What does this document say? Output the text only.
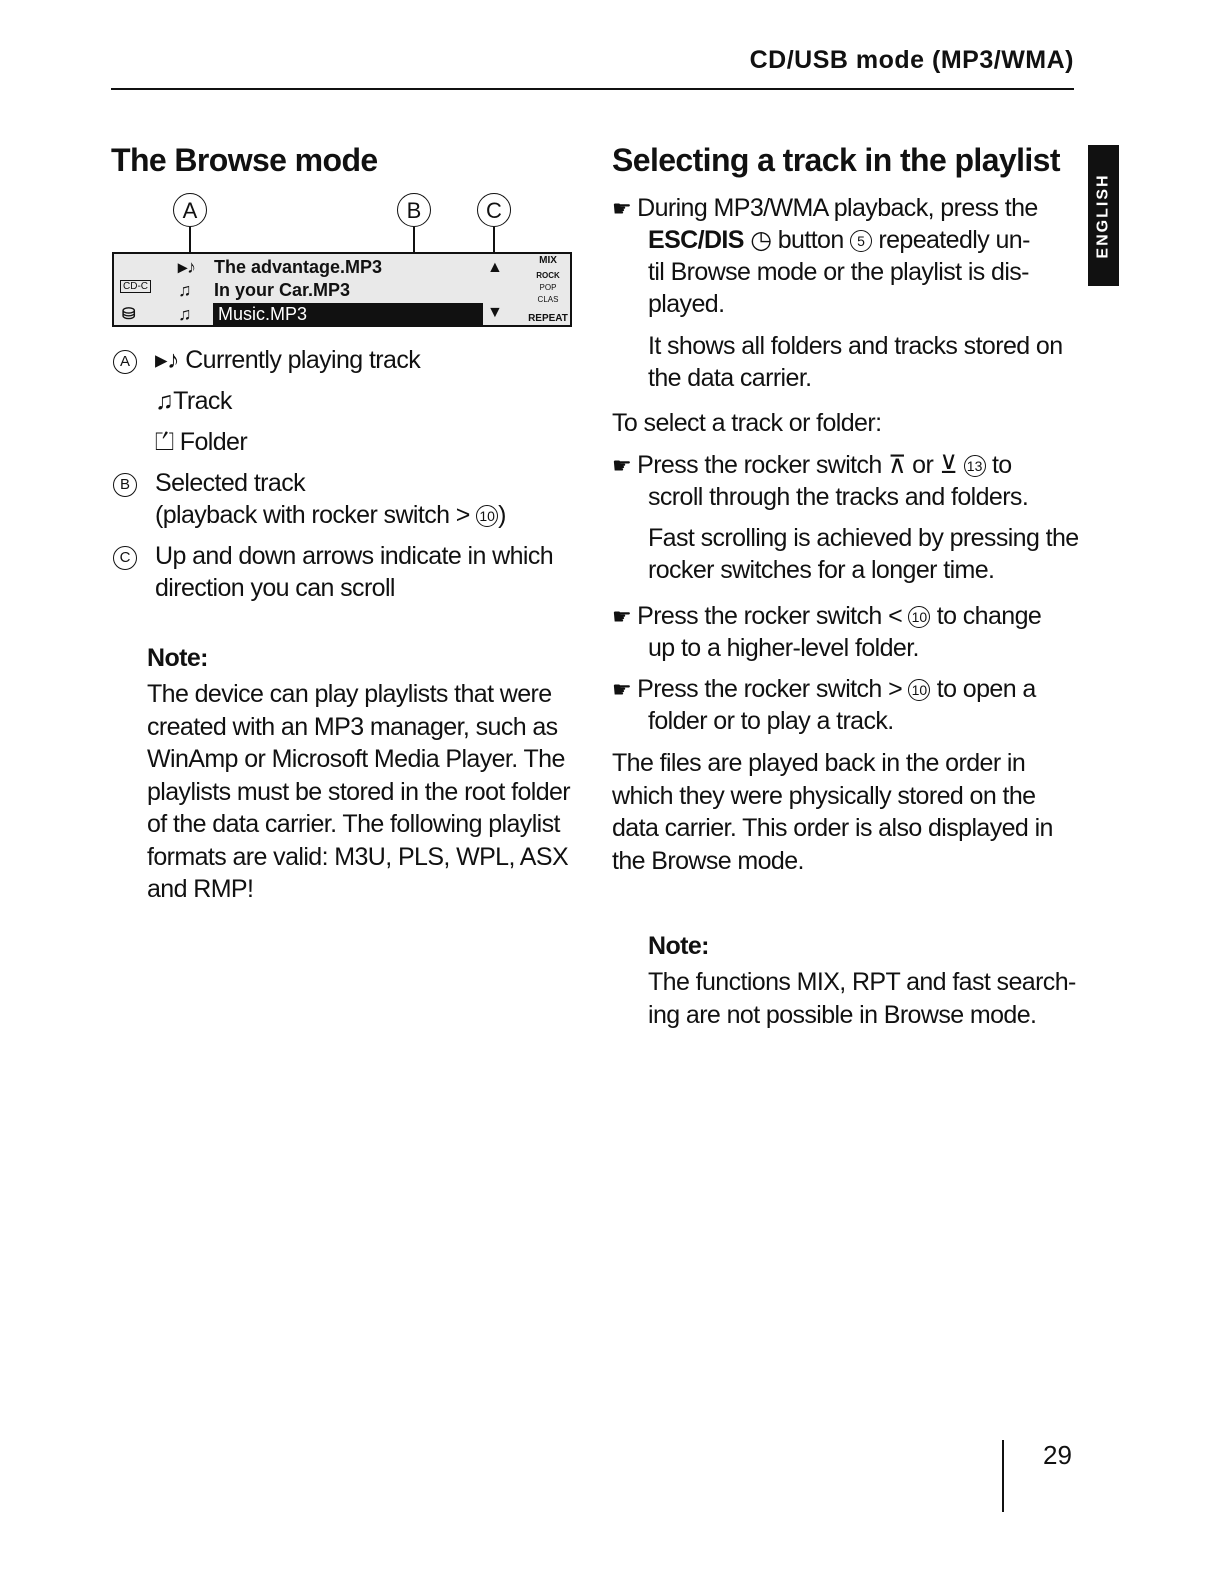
CD/USB mode (MP3/WMA)
ENGLISH
The Browse mode
A	B	C
CD-C
⛁
▸♪
♫
♫
The advantage.MP3
In your Car.MP3
Music.MP3
▲
▼
MIX
ROCK
POP
CLAS
REPEAT
A ▸♪ Currently playing track
♫Track
⏍ Folder
B Selected track
(playback with rocker switch > 10 )
C Up and down arrows indicate in which
direction you can scroll
Note:
The device can play playlists that were
created with an MP3 manager, such as
WinAmp or Microsoft Media Player. The
playlists must be stored in the root folder
of the data carrier. The following playlist
formats are valid: M3U, PLS, WPL, ASX
and RMP!
Selecting a track in the playlist
☛ During MP3/WMA playback, press the
ESC/DIS ◷ button 5 repeatedly un-
til Browse mode or the playlist is dis-
played.
It shows all folders and tracks stored on
the data carrier.
To select a track or folder:
☛ Press the rocker switch ⊼ or ⊻ 13 to
scroll through the tracks and folders.
Fast scrolling is achieved by pressing the
rocker switches for a longer time.
☛ Press the rocker switch < 10 to change
up to a higher-level folder.
☛ Press the rocker switch > 10 to open a
folder or to play a track.
The files are played back in the order in
which they were physically stored on the
data carrier. This order is also displayed in
the Browse mode.
Note:
The functions MIX, RPT and fast search-
ing are not possible in Browse mode.
29
